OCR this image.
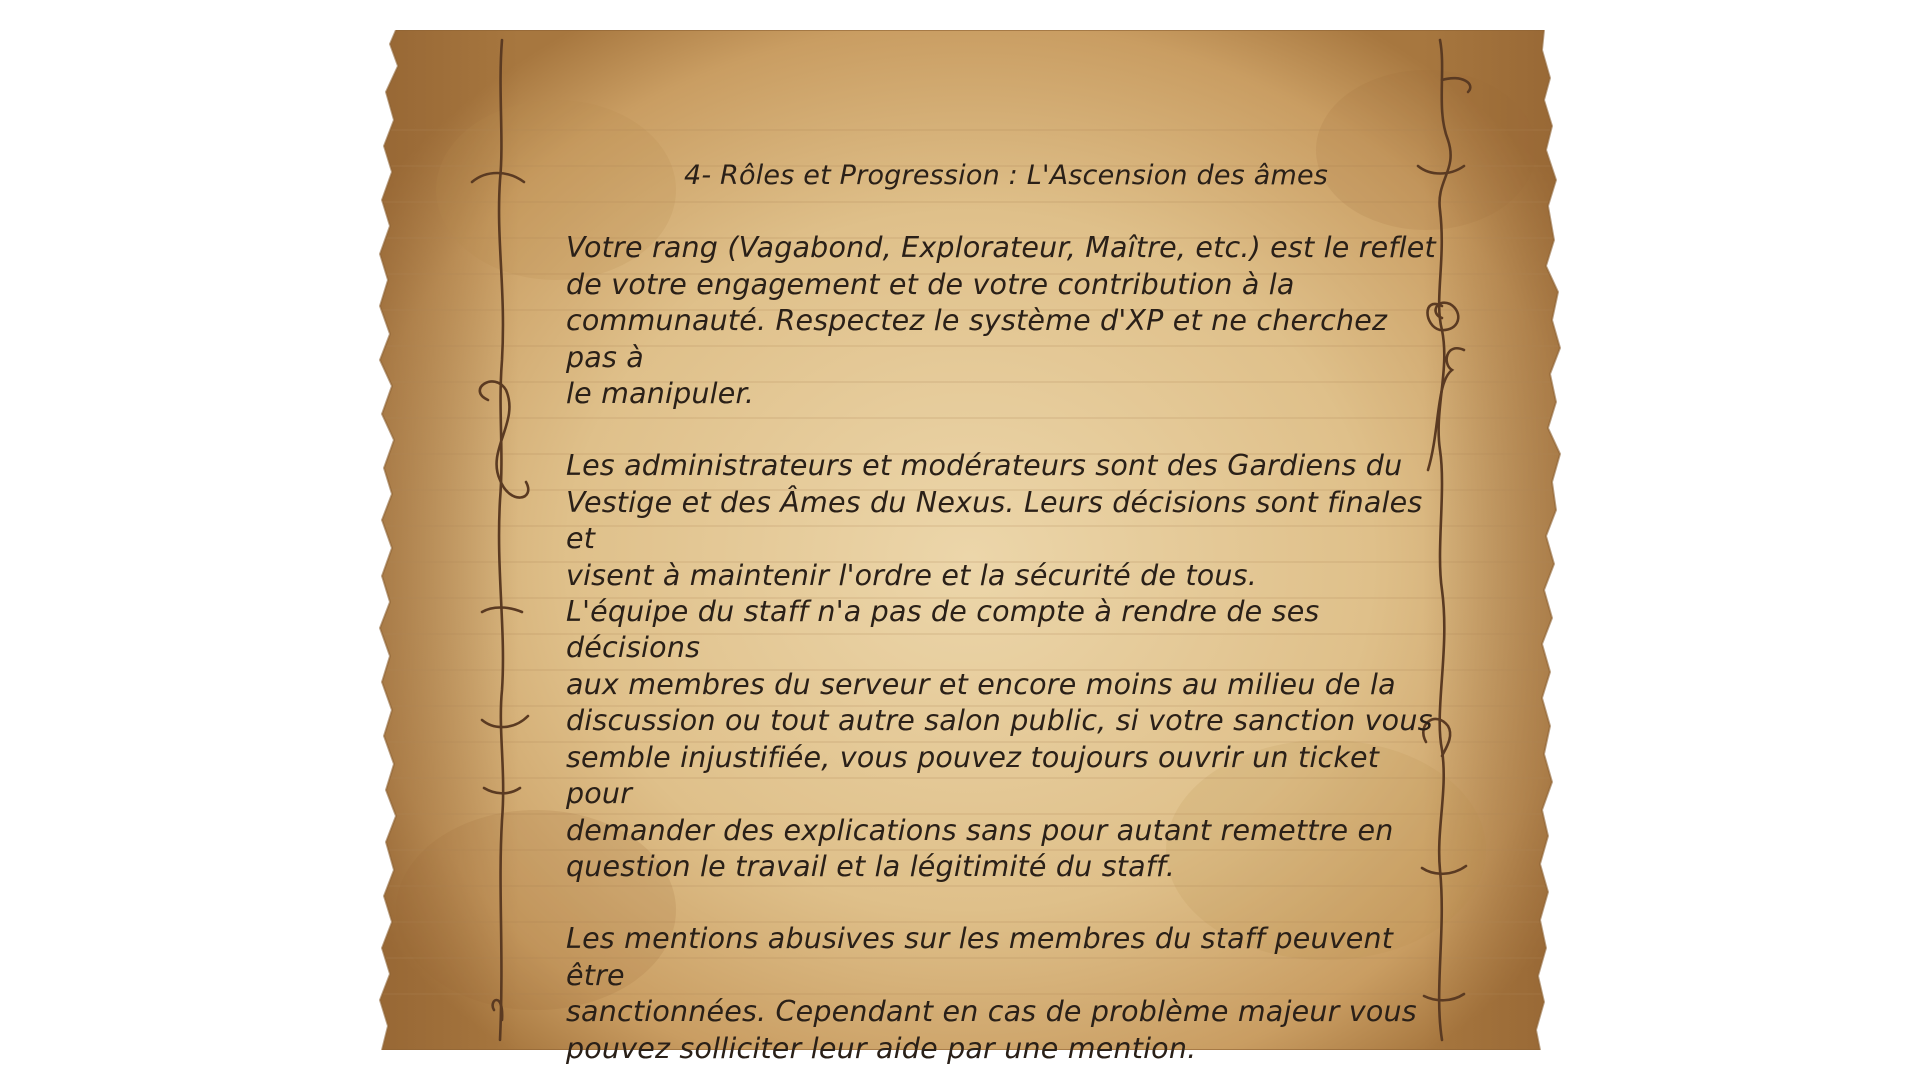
4- Rôles et Progression : L'Ascension des âmes
Votre rang (Vagabond, Explorateur, Maître, etc.) est le reflet
de votre engagement et de votre contribution à la
communauté. Respectez le système d'XP et ne cherchez pas à
le manipuler.
Les administrateurs et modérateurs sont des Gardiens du
Vestige et des Âmes du Nexus. Leurs décisions sont finales et
visent à maintenir l'ordre et la sécurité de tous.
L'équipe du staff n'a pas de compte à rendre de ses décisions
aux membres du serveur et encore moins au milieu de la
discussion ou tout autre salon public, si votre sanction vous
semble injustifiée, vous pouvez toujours ouvrir un ticket pour
demander des explications sans pour autant remettre en
question le travail et la légitimité du staff.
Les mentions abusives sur les membres du staff peuvent être
sanctionnées. Cependant en cas de problème majeur vous
pouvez solliciter leur aide par une mention.
